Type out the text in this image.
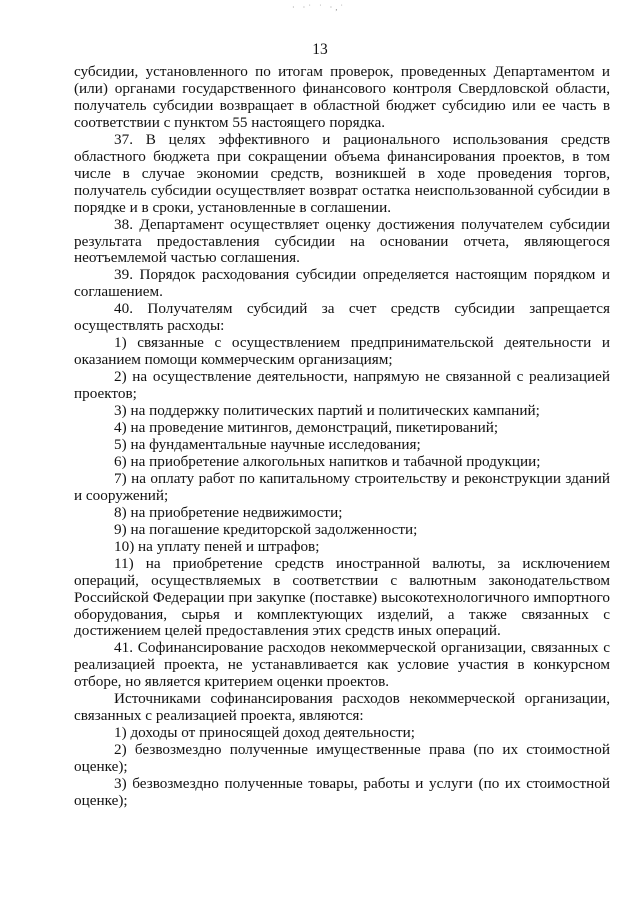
· ·˙ ˙ ·,˙
13

субсидии, установленного по итогам проверок, проведенных Департаментом и (или) органами государственного финансового контроля Свердловской области, получатель субсидии возвращает в областной бюджет субсидию или ее часть в соответствии с пунктом 55 настоящего порядка.

37. В целях эффективного и рационального использования средств областного бюджета при сокращении объема финансирования проектов, в том числе в случае экономии средств, возникшей в ходе проведения торгов, получатель субсидии осуществляет возврат остатка неиспользованной субсидии в порядке и в сроки, установленные в соглашении.

38. Департамент осуществляет оценку достижения получателем субсидии результата предоставления субсидии на основании отчета, являющегося неотъемлемой частью соглашения.

39. Порядок расходования субсидии определяется настоящим порядком и соглашением.

40. Получателям субсидий за счет средств субсидии запрещается осуществлять расходы:

1) связанные с осуществлением предпринимательской деятельности и оказанием помощи коммерческим организациям;

2) на осуществление деятельности, напрямую не связанной с реализацией проектов;

3) на поддержку политических партий и политических кампаний;

4) на проведение митингов, демонстраций, пикетирований;

5) на фундаментальные научные исследования;

6) на приобретение алкогольных напитков и табачной продукции;

7) на оплату работ по капитальному строительству и реконструкции зданий и сооружений;

8) на приобретение недвижимости;

9) на погашение кредиторской задолженности;

10) на уплату пеней и штрафов;

11) на приобретение средств иностранной валюты, за исключением операций, осуществляемых в соответствии с валютным законодательством Российской Федерации при закупке (поставке) высокотехнологичного импортного оборудования, сырья и комплектующих изделий, а также связанных с достижением целей предоставления этих средств иных операций.

41. Софинансирование расходов некоммерческой организации, связанных с реализацией проекта, не устанавливается как условие участия в конкурсном отборе, но является критерием оценки проектов.

Источниками софинансирования расходов некоммерческой организации, связанных с реализацией проекта, являются:

1) доходы от приносящей доход деятельности;

2) безвозмездно полученные имущественные права (по их стоимостной оценке);

3) безвозмездно полученные товары, работы и услуги (по их стоимостной оценке);
